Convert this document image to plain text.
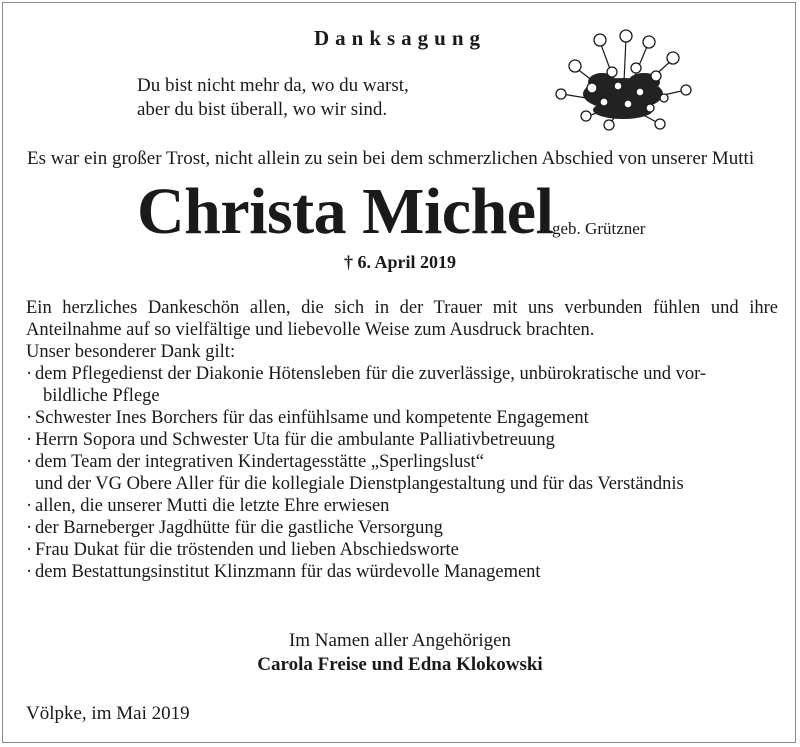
Danksagung
Du bist nicht mehr da, wo du warst,
aber du bist überall, wo wir sind.
Es war ein großer Trost, nicht allein zu sein bei dem schmerzlichen Abschied von unserer Mutti
Christa Michel
geb. Grützner
† 6. April 2019

Ein herzliches Dankeschön allen, die sich in der Trauer mit uns verbunden fühlen und ihre

Anteilnahme auf so vielfältige und liebevolle Weise zum Ausdruck brachten.

Unser besonderer Dank gilt:

· dem Pflegedienst der Diakonie Hötensleben für die zuverlässige, unbürokratische und vor-
bildliche Pflege
· Schwester Ines Borchers für das einfühlsame und kompetente Engagement
· Herrn Sopora und Schwester Uta für die ambulante Palliativbetreuung
· dem Team der integrativen Kindertagesstätte „Sperlingslust“
und der VG Obere Aller für die kollegiale Dienstplangestaltung und für das Verständnis
· allen, die unserer Mutti die letzte Ehre erwiesen
· der Barneberger Jagdhütte für die gastliche Versorgung
· Frau Dukat für die tröstenden und lieben Abschiedsworte
· dem Bestattungsinstitut Klinzmann für das würdevolle Management
Im Namen aller Angehörigen
Carola Freise und Edna Klokowski
Völpke, im Mai 2019
